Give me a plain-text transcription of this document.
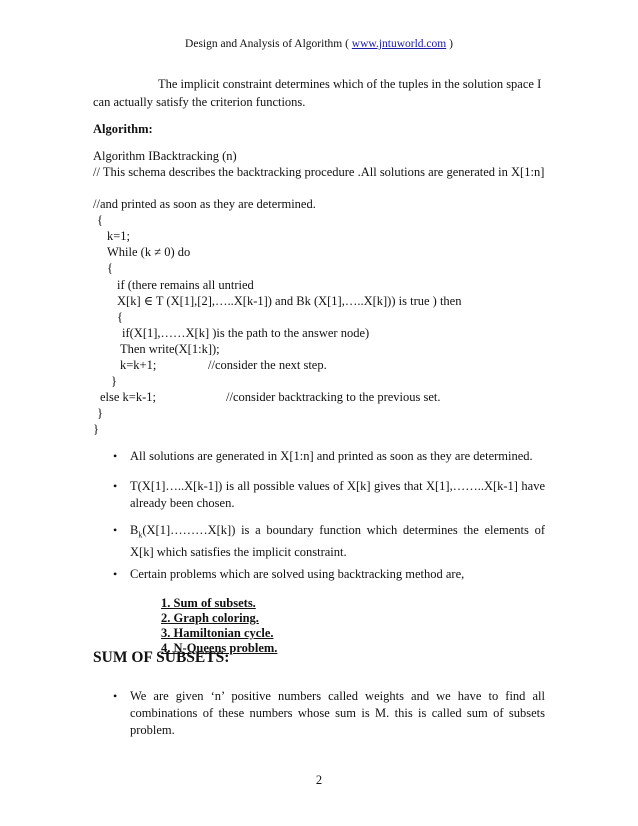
Design and Analysis of Algorithm ( www.jntuworld.com )
The implicit constraint determines which of the tuples in the solution space I
can actually satisfy the criterion functions.
Algorithm:
Algorithm IBacktracking (n)
// This schema describes the backtracking procedure .All solutions are generated in X[1:n]
//and printed as soon as they are determined.
{
k=1;
While (k ≠ 0) do
{
if (there remains all untried
X[k] ∈ T (X[1],[2],…..X[k-1]) and Bk (X[1],…..X[k])) is true ) then
{
if(X[1],……X[k] )is the path to the answer node)
Then write(X[1:k]);
k=k+1;	//consider the next step.
}
else k=k-1;	//consider backtracking to the previous set.
}
}
• All solutions are generated in X[1:n] and printed as soon as they are determined.
• T(X[1]…..X[k-1]) is all possible values of X[k] gives that X[1],……..X[k-1] have already been chosen.
• $B_k(X[1]\dots\dots\dots X[k])$ is a boundary function which determines the elements of X[k] which satisfies the implicit constraint.
• Certain problems which are solved using backtracking method are,
1. Sum of subsets.
2. Graph coloring.
3. Hamiltonian cycle.
4. N-Queens problem.
SUM OF SUBSETS:
• We are given ‘n’ positive numbers called weights and we have to find all combinations of these numbers whose sum is M. this is called sum of subsets problem.
2
